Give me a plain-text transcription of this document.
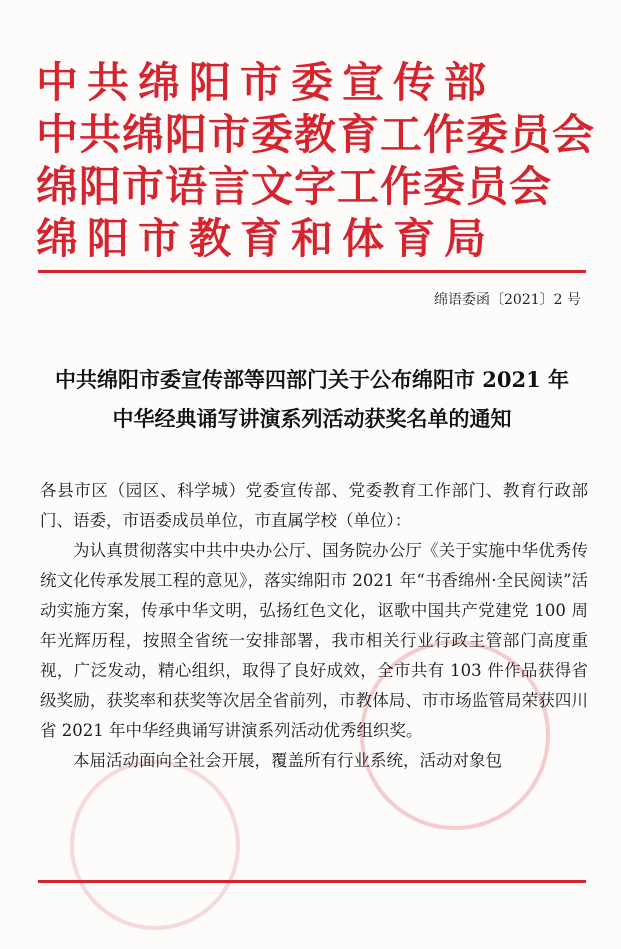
中共绵阳市委宣传部
中共绵阳市委教育工作委员会
绵阳市语言文字工作委员会
绵阳市教育和体育局
绵语委函〔2021〕2 号
中共绵阳市委宣传部等四部门关于公布绵阳市 2021 年
中华经典诵写讲演系列活动获奖名单的通知

各县市区（园区、科学城）党委宣传部、党委教育工作部门、教育行政部门、语委，市语委成员单位，市直属学校（单位）：

为认真贯彻落实中共中央办公厅、国务院办公厅《关于实施中华优秀传统文化传承发展工程的意见》，落实绵阳市 2021 年“书香绵州·全民阅读”活动实施方案，传承中华文明，弘扬红色文化，讴歌中国共产党建党 100 周年光辉历程，按照全省统一安排部署，我市相关行业行政主管部门高度重视，广泛发动，精心组织，取得了良好成效，全市共有 103 件作品获得省级奖励，获奖率和获奖等次居全省前列，市教体局、市市场监管局荣获四川省 2021 年中华经典诵写讲演系列活动优秀组织奖。

本届活动面向全社会开展，覆盖所有行业系统，活动对象包
